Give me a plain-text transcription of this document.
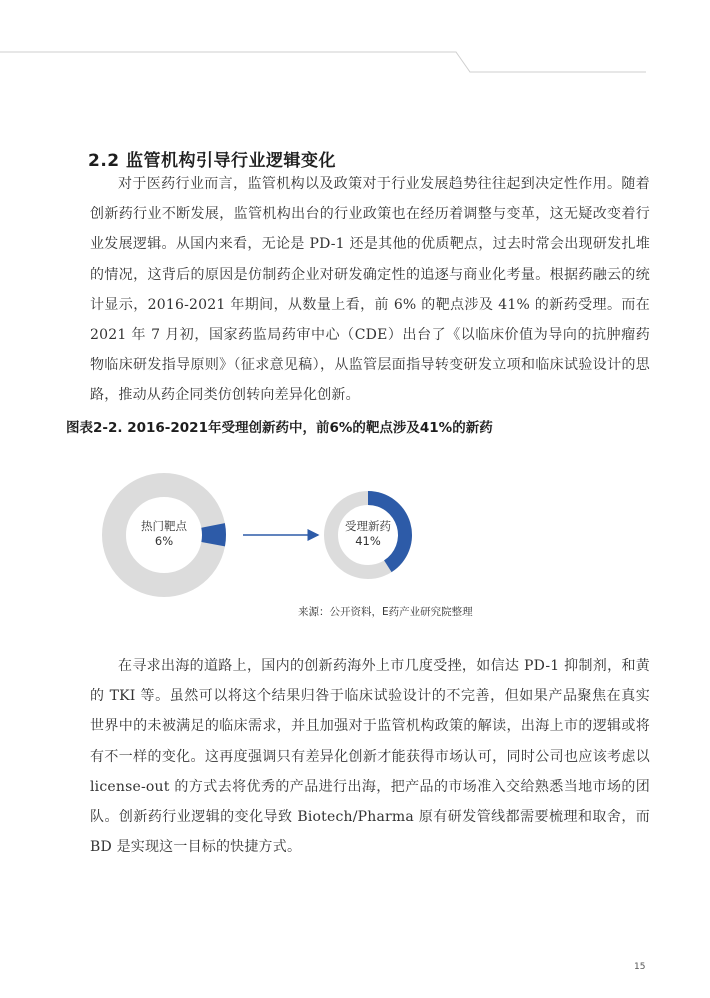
2.2 监管机构引导行业逻辑变化

对于医药行业而言，监管机构以及政策对于行业发展趋势往往起到决定性作用。随着创新药行业不断发展，监管机构出台的行业政策也在经历着调整与变革，这无疑改变着行业发展逻辑。从国内来看，无论是 PD-1 还是其他的优质靶点，过去时常会出现研发扎堆的情况，这背后的原因是仿制药企业对研发确定性的追逐与商业化考量。根据药融云的统计显示，2016-2021 年期间，从数量上看，前 6% 的靶点涉及 41% 的新药受理。而在 2021 年 7 月初，国家药监局药审中心（CDE）出台了《以临床价值为导向的抗肿瘤药物临床研发指导原则》（征求意见稿），从监管层面指导转变研发立项和临床试验设计的思路，推动从药企同类仿创转向差异化创新。

图表2-2. 2016-2021年受理创新药中，前6%的靶点涉及41%的新药

热门靶点
6%
受理新药
41%

来源：公开资料，E药产业研究院整理

在寻求出海的道路上，国内的创新药海外上市几度受挫，如信达 PD-1 抑制剂，和黄的 TKI 等。虽然可以将这个结果归咎于临床试验设计的不完善，但如果产品聚焦在真实世界中的未被满足的临床需求，并且加强对于监管机构政策的解读，出海上市的逻辑或将有不一样的变化。这再度强调只有差异化创新才能获得市场认可，同时公司也应该考虑以 license-out 的方式去将优秀的产品进行出海，把产品的市场准入交给熟悉当地市场的团队。创新药行业逻辑的变化导致 Biotech/Pharma 原有研发管线都需要梳理和取舍，而 BD 是实现这一目标的快捷方式。

15
